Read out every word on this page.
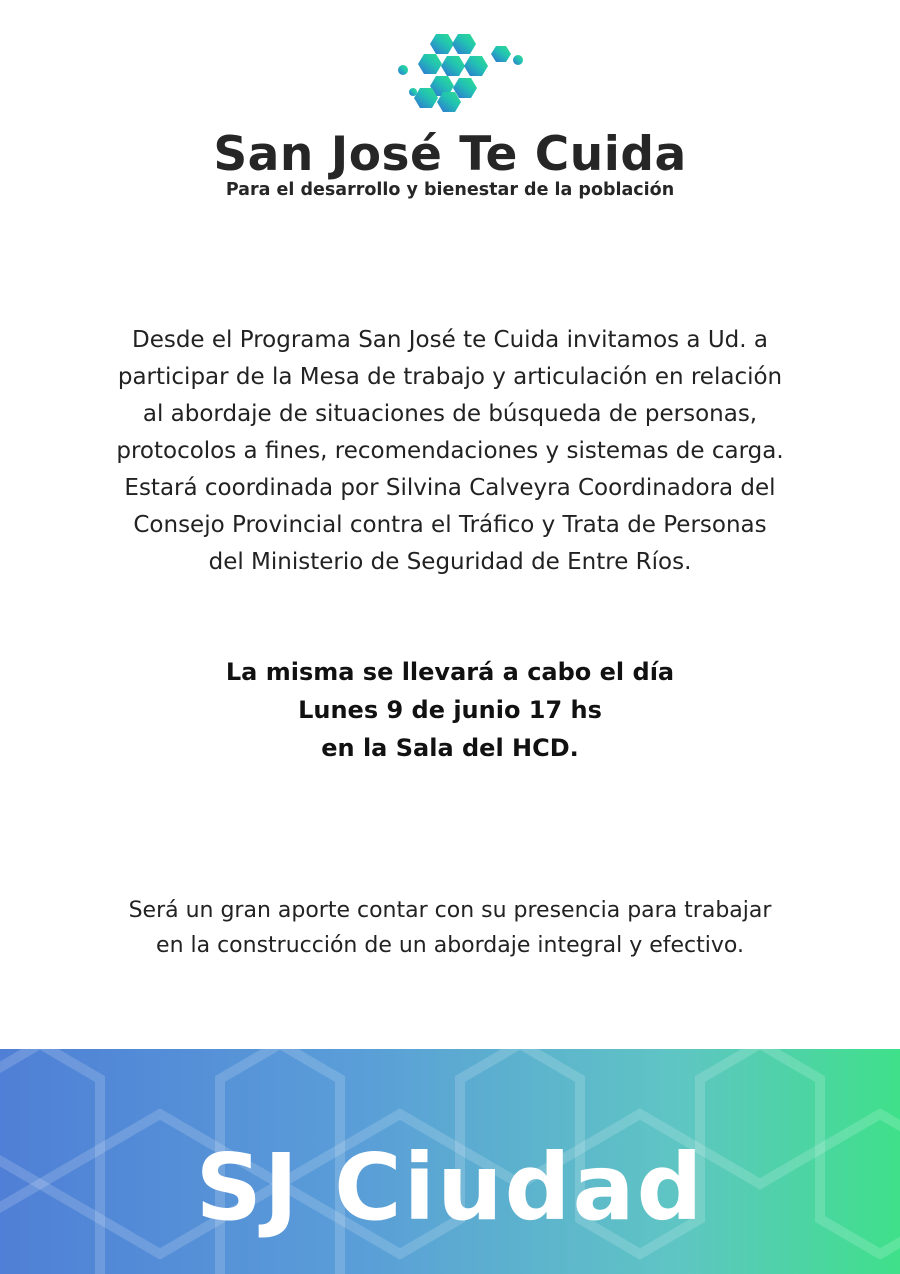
San José Te Cuida
Para el desarrollo y bienestar de la población

Desde el Programa San José te Cuida invitamos a Ud. a
participar de la Mesa de trabajo y articulación en relación
al abordaje de situaciones de búsqueda de personas,
protocolos a fines, recomendaciones y sistemas de carga.
Estará coordinada por Silvina Calveyra Coordinadora del
Consejo Provincial contra el Tráfico y Trata de Personas
del Ministerio de Seguridad de Entre Ríos.

La misma se llevará a cabo el día
Lunes 9 de junio 17 hs
en la Sala del HCD.

Será un gran aporte contar con su presencia para trabajar
en la construcción de un abordaje integral y efectivo.

SJ Ciudad
